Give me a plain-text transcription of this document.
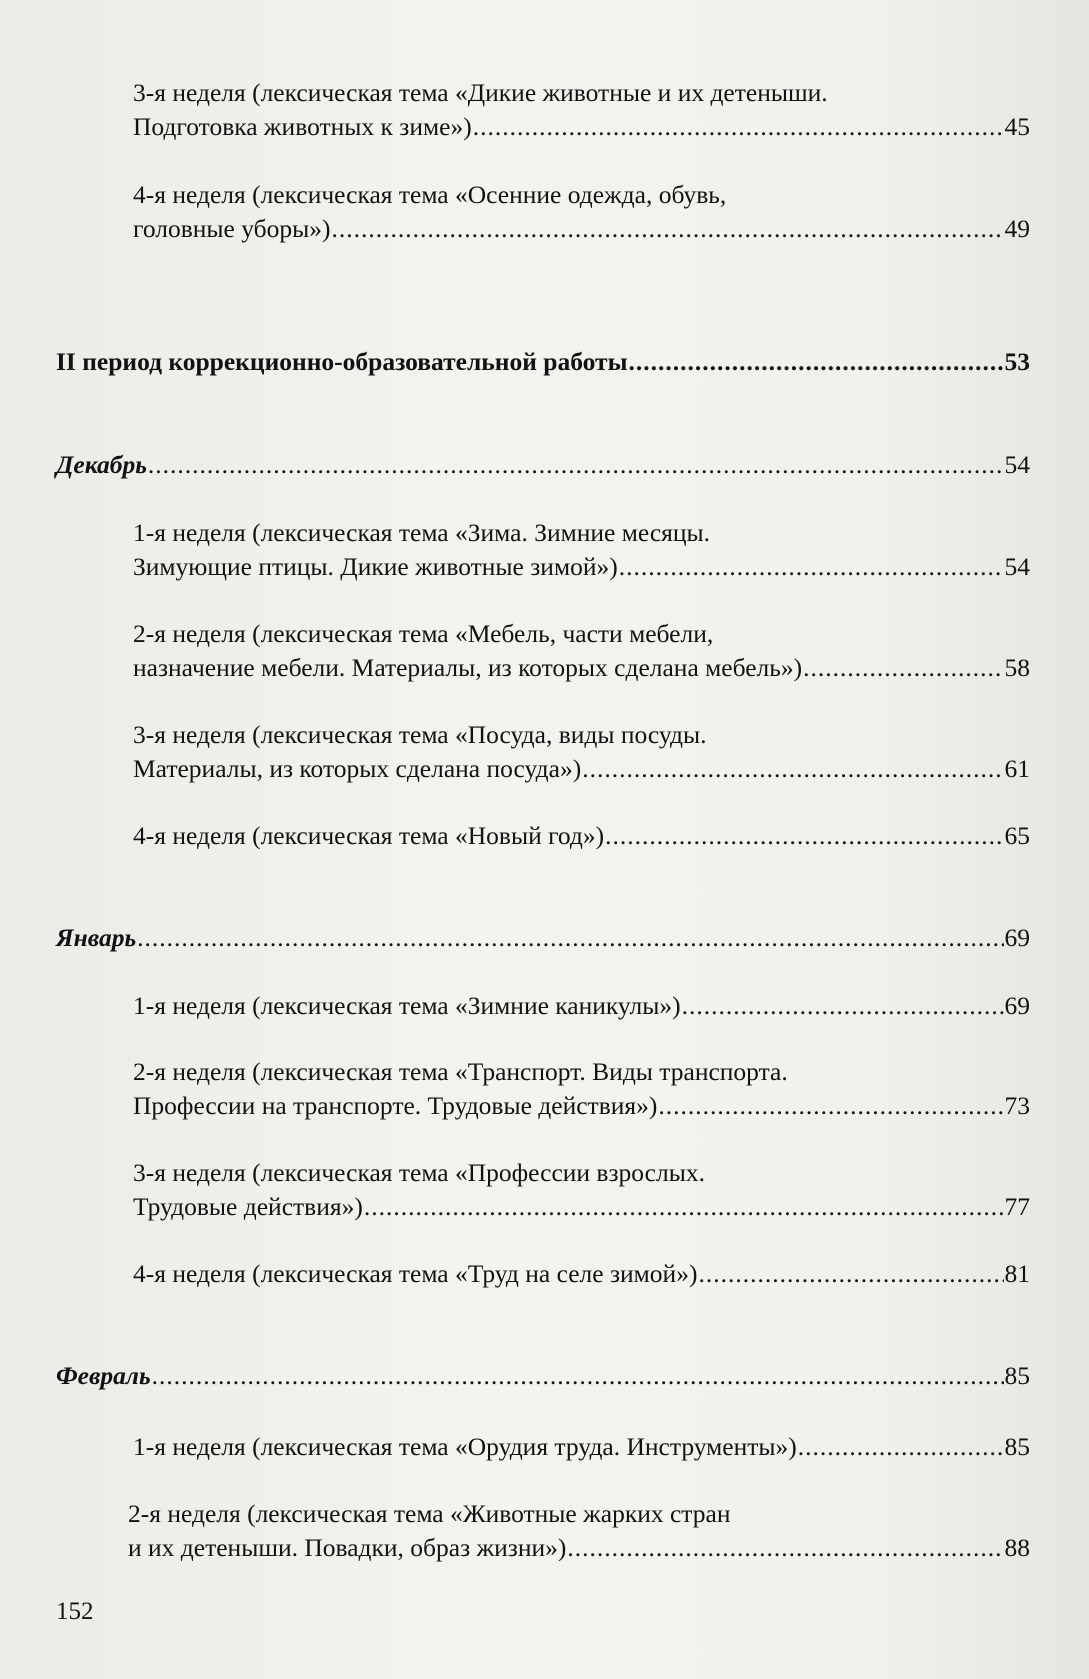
3-я неделя (лексическая тема «Дикие животные и их детеныши.
Подготовка животных к зиме») .....	45
4-я неделя (лексическая тема «Осенние одежда, обувь,
головные уборы») .....	49
II период коррекционно-образовательной работы .....	53
Декабрь .....	54
1-я неделя (лексическая тема «Зима. Зимние месяцы.
Зимующие птицы. Дикие животные зимой») .....	54
2-я неделя (лексическая тема «Мебель, части мебели,
назначение мебели. Материалы, из которых сделана мебель») .....	58
3-я неделя (лексическая тема «Посуда, виды посуды.
Материалы, из которых сделана посуда») .....	61
4-я неделя (лексическая тема «Новый год») .....	65
Январь .....	69
1-я неделя (лексическая тема «Зимние каникулы») .....	69
2-я неделя (лексическая тема «Транспорт. Виды транспорта.
Профессии на транспорте. Трудовые действия») .....	73
3-я неделя (лексическая тема «Профессии взрослых.
Трудовые действия») .....	77
4-я неделя (лексическая тема «Труд на селе зимой») .....	81
Февраль .....	85
1-я неделя (лексическая тема «Орудия труда. Инструменты») .....	85
2-я неделя (лексическая тема «Животные жарких стран
и их детеныши. Повадки, образ жизни») .....	88
152
